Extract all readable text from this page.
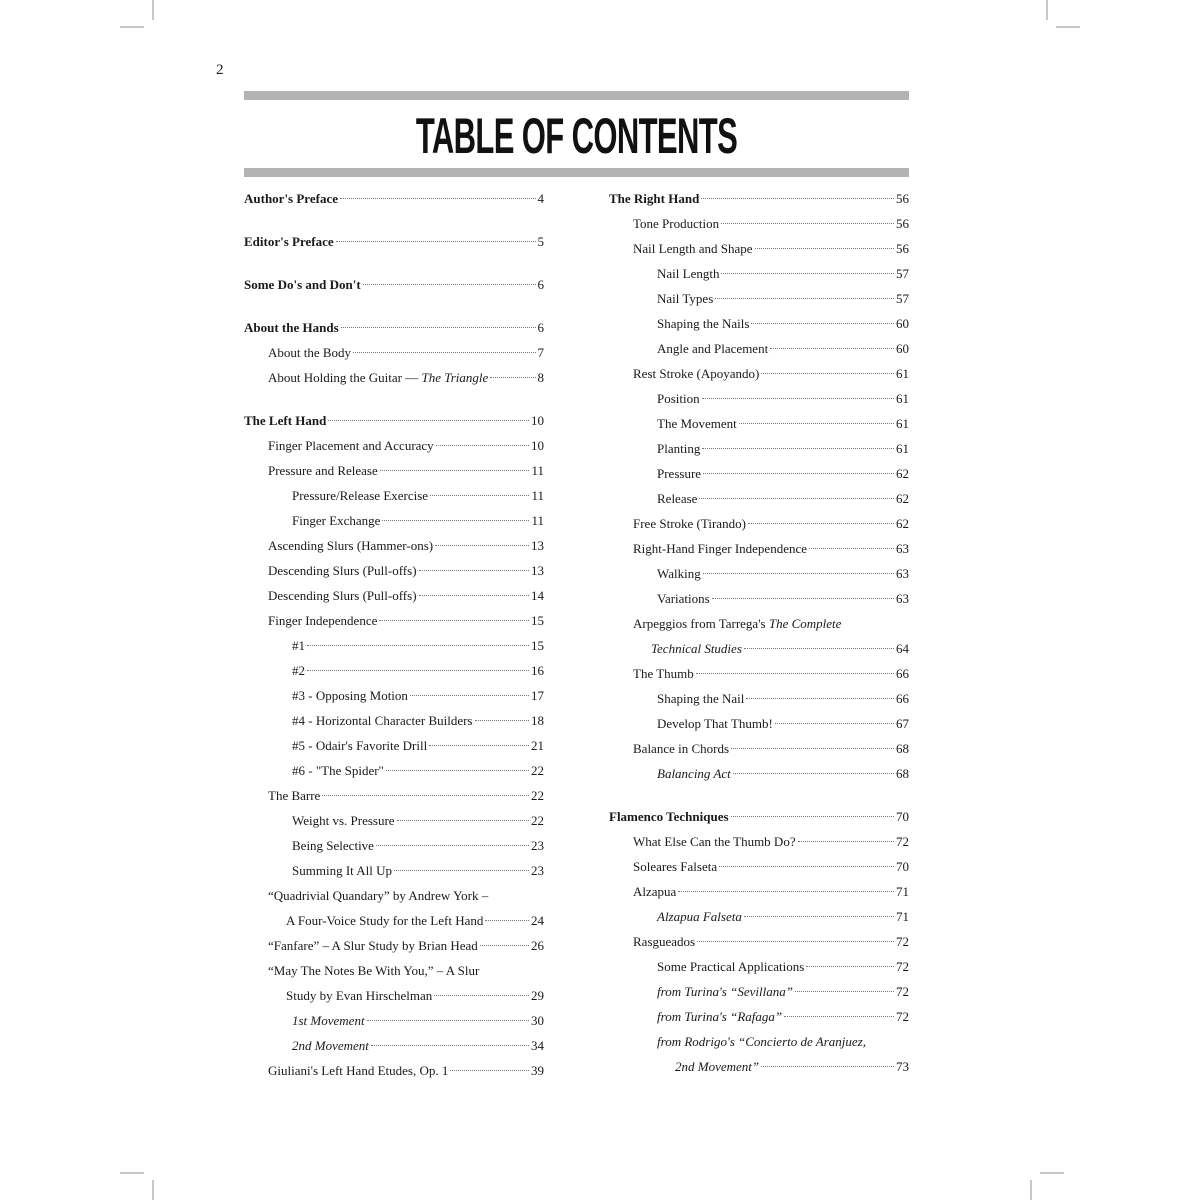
2
TABLE OF CONTENTS
Author's Preface	4
Editor's Preface	5
Some Do's and Don't	6
About the Hands	6
About the Body	7
About Holding the Guitar — The Triangle	8
The Left Hand	10
Finger Placement and Accuracy	10
Pressure and Release	11
Pressure/Release Exercise	11
Finger Exchange	11
Ascending Slurs (Hammer-ons)	13
Descending Slurs (Pull-offs)	13
Descending Slurs (Pull-offs)	14
Finger Independence	15
#1	15
#2	16
#3 - Opposing Motion	17
#4 - Horizontal Character Builders	18
#5 - Odair's Favorite Drill	21
#6 - "The Spider"	22
The Barre	22
Weight vs. Pressure	22
Being Selective	23
Summing It All Up	23
“Quadrivial Quandary” by Andrew York –
A Four-Voice Study for the Left Hand	24
“Fanfare” – A Slur Study by Brian Head	26
“May The Notes Be With You,” – A Slur
Study by Evan Hirschelman	29
1st Movement	30
2nd Movement	34
Giuliani's Left Hand Etudes, Op. 1	39
The Right Hand	56
Tone Production	56
Nail Length and Shape	56
Nail Length	57
Nail Types	57
Shaping the Nails	60
Angle and Placement	60
Rest Stroke (Apoyando)	61
Position	61
The Movement	61
Planting	61
Pressure	62
Release	62
Free Stroke (Tirando)	62
Right-Hand Finger Independence	63
Walking	63
Variations	63
Arpeggios from Tarrega's The Complete
Technical Studies	64
The Thumb	66
Shaping the Nail	66
Develop That Thumb!	67
Balance in Chords	68
Balancing Act	68
Flamenco Techniques	70
What Else Can the Thumb Do?	72
Soleares Falseta	70
Alzapua	71
Alzapua Falseta	71
Rasgueados	72
Some Practical Applications	72
from Turina's “Sevillana”	72
from Turina's “Rafaga”	72
from Rodrigo's “Concierto de Aranjuez,
2nd Movement”	73
